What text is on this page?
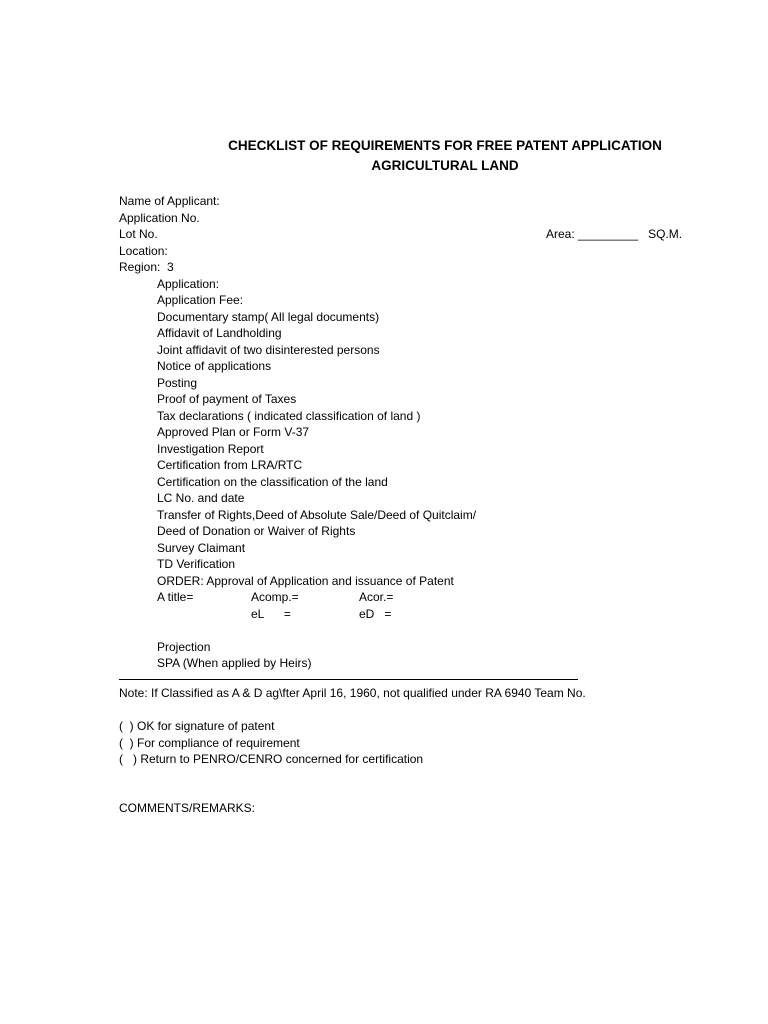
CHECKLIST OF REQUIREMENTS FOR FREE PATENT APPLICATION
AGRICULTURAL LAND
Name of Applicant:
Application No.
Lot No.	Area: _________   SQ.M.
Location:
Region:  3
Application:
Application Fee:
Documentary stamp( All legal documents)
Affidavit of Landholding
Joint affidavit of two disinterested persons
Notice of applications
Posting
Proof of payment of Taxes
Tax declarations ( indicated classification of land )
Approved Plan or Form V-37
Investigation Report
Certification from LRA/RTC
Certification on the classification of the land
LC No. and date
Transfer of Rights,Deed of Absolute Sale/Deed of Quitclaim/
Deed of Donation or Waiver of Rights
Survey Claimant
TD Verification
ORDER: Approval of Application and issuance of Patent
A title=	Acomp.=	Acor.=
eL      =	eD   =
Projection
SPA (When applied by Heirs)
Note: If Classified as A & D ag\fter April 16, 1960, not qualified under RA 6940 Team No.
(  ) OK for signature of patent
(  ) For compliance of requirement
(   ) Return to PENRO/CENRO concerned for certification
COMMENTS/REMARKS:
